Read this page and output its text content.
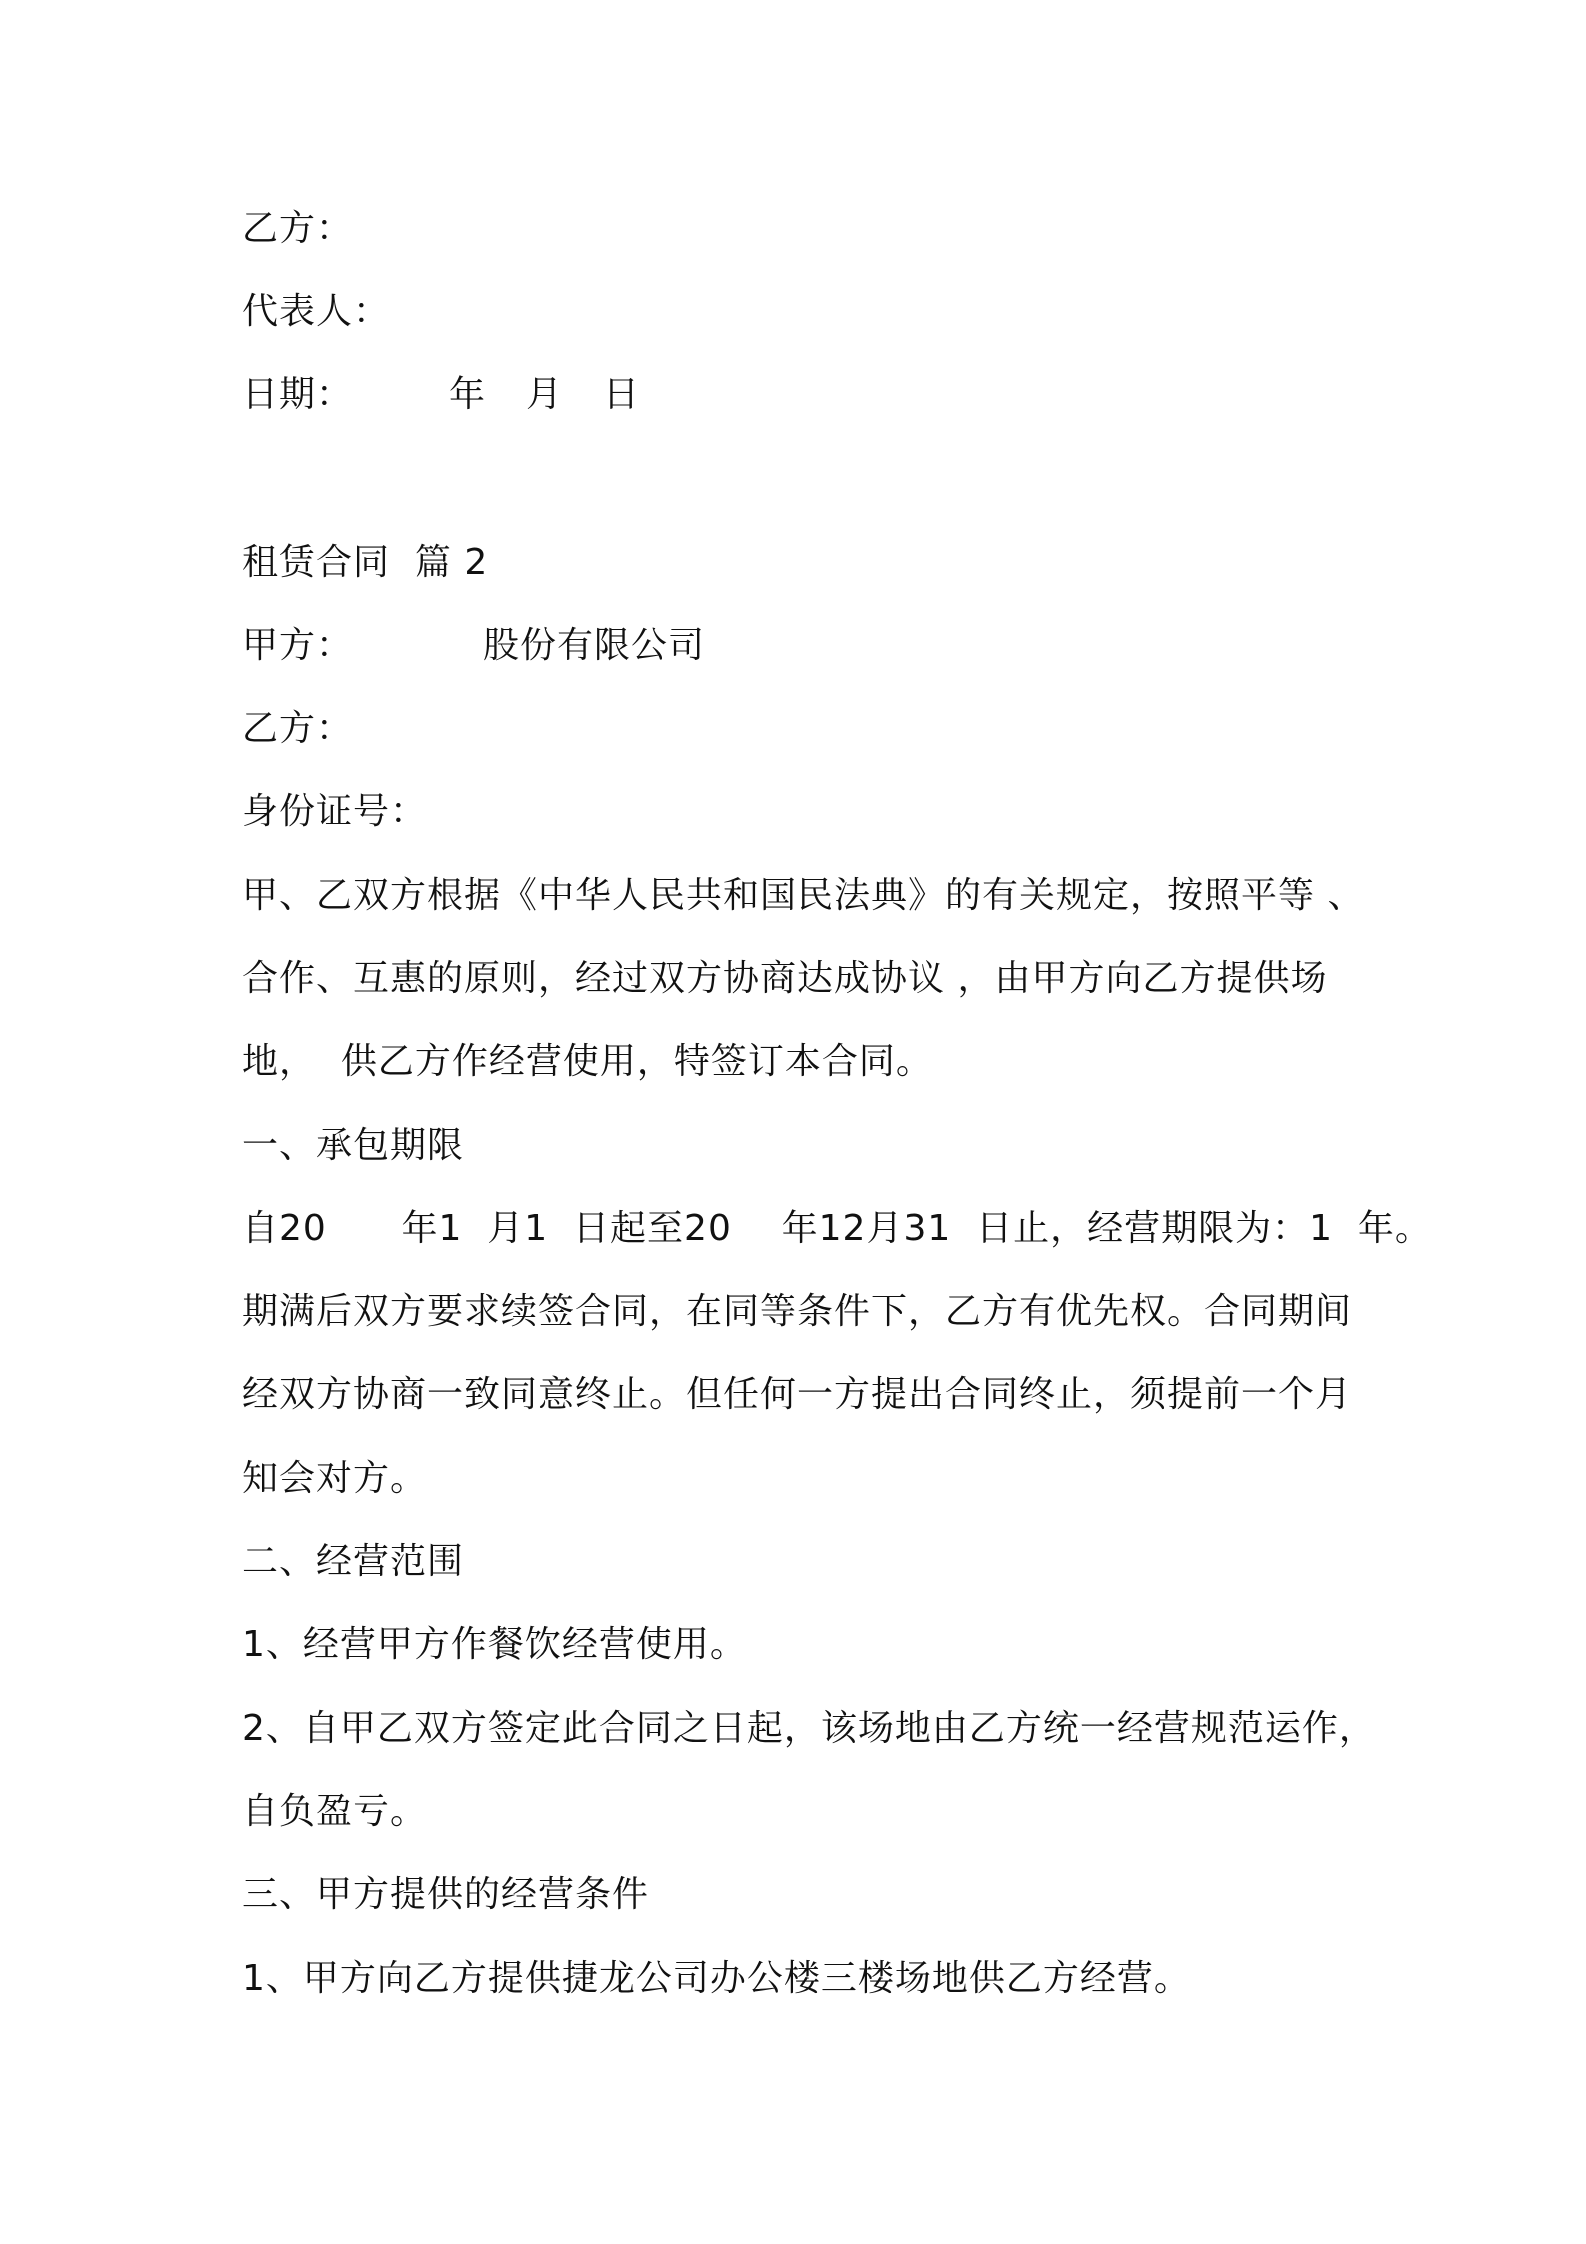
乙方：
代表人：
日期：	年 月 日
租赁合同  篇 2
甲方：	股份有限公司
乙方：
身份证号：
甲、乙双方根据《中华人民共和国民法典》的有关规定，按照平等 、
合作、互惠的原则，经过双方协商达成协议 ，由甲方向乙方提供场
地，  供乙方作经营使用，特签订本合同。
一、承包期限
自20      年1  月1  日起至20    年12月31  日止，经营期限为：1  年。
期满后双方要求续签合同，在同等条件下，乙方有优先权。合同期间
经双方协商一致同意终止。但任何一方提出合同终止，须提前一个月
知会对方。
二、经营范围
1、经营甲方作餐饮经营使用。
2、自甲乙双方签定此合同之日起，该场地由乙方统一经营规范运作，
自负盈亏。
三、甲方提供的经营条件
1、甲方向乙方提供捷龙公司办公楼三楼场地供乙方经营。
